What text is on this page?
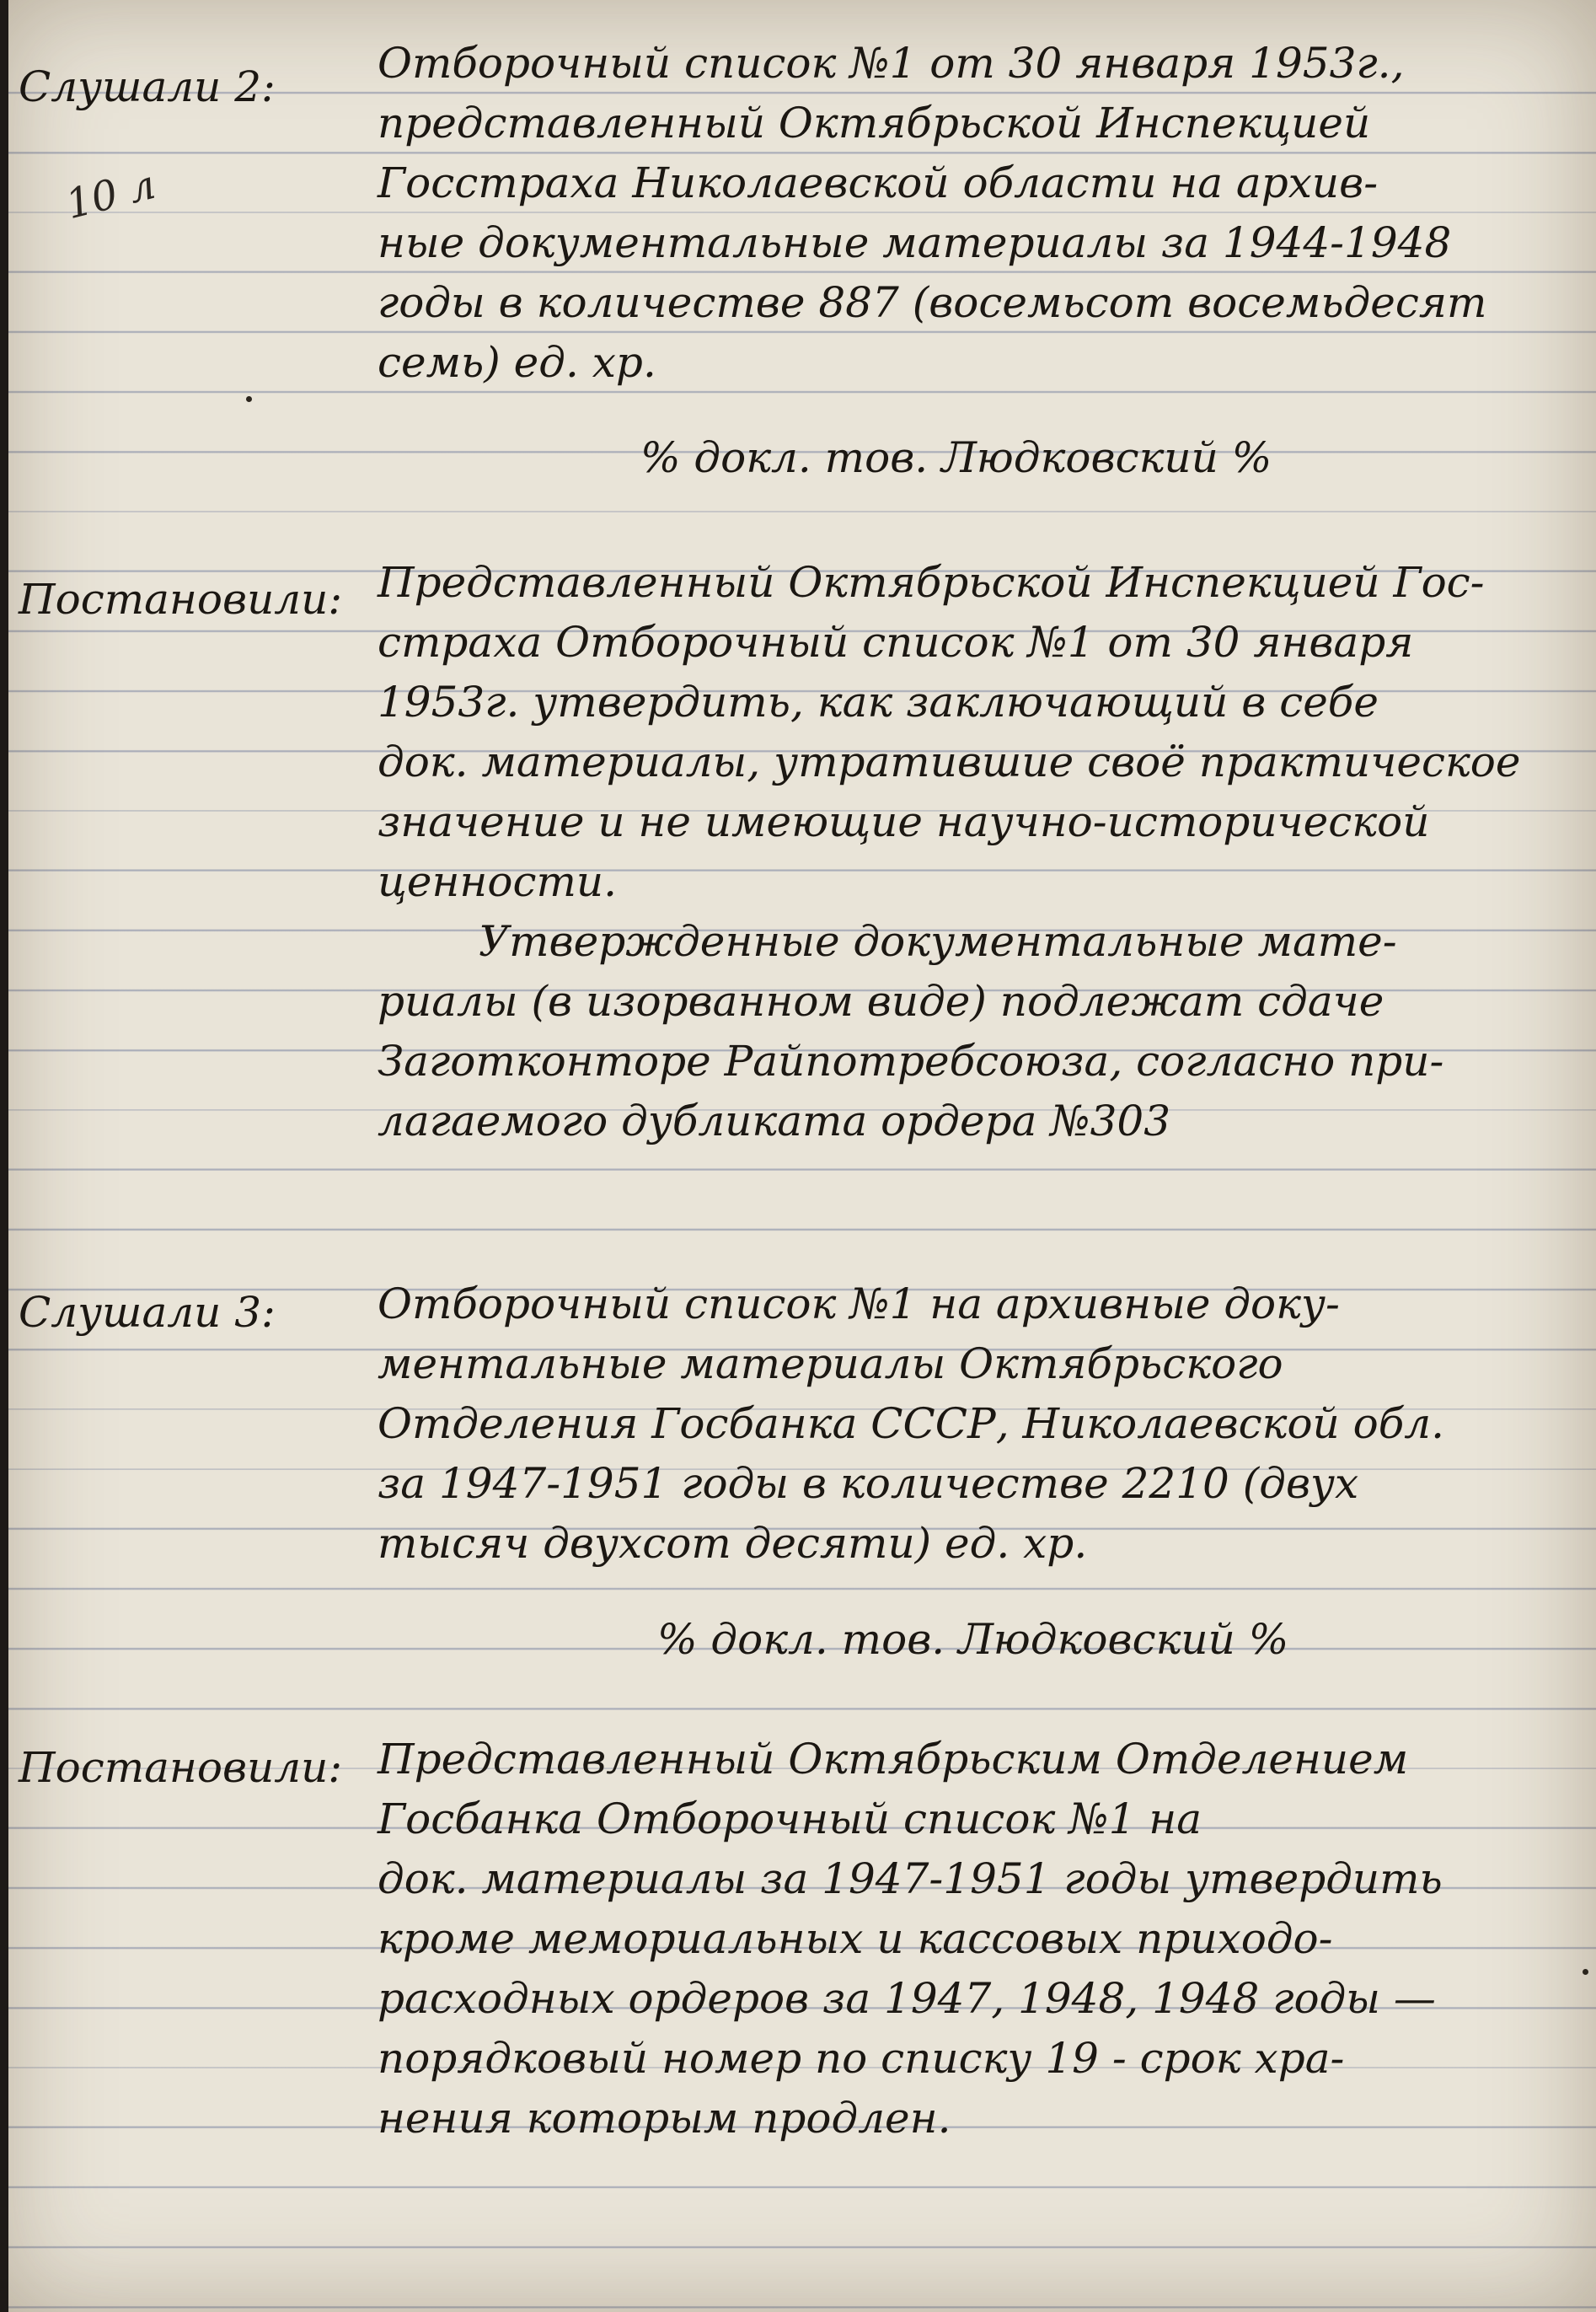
10 л
Слушали 2:	Отборочный список №1 от 30 января 1953г.,
представленный Октябрьской Инспекцией
Госстраха Николаевской области на архив-
ные документальные материалы за 1944-1948
годы в количестве 887 (восемьсот восемьдесят
семь) ед. хр.
% докл. тов. Людковский %
Постановили: Представленный Октябрьской Инспекцией Гос-
страха Отборочный список №1 от 30 января
1953г. утвердить, как заключающий в себе
док. материалы, утратившие своё практическое
значение и не имеющие научно-исторической
ценности.
Утвержденные документальные мате-
риалы (в изорванном виде) подлежат сдаче
Заготконторе Райпотребсоюза, согласно при-
лагаемого дубликата ордера №303
Слушали 3:	Отборочный список №1 на архивные доку-
ментальные материалы Октябрьского
Отделения Госбанка СССР, Николаевской обл.
за 1947-1951 годы в количестве 2210 (двух
тысяч двухсот десяти) ед. хр.
% докл. тов. Людковский %
Постановили: Представленный Октябрьским Отделением
Госбанка Отборочный список №1 на
док. материалы за 1947-1951 годы утвердить
кроме мемориальных и кассовых приходо-
расходных ордеров за 1947, 1948, 1948 годы —
порядковый номер по списку 19 - срок хра-
нения которым продлен.
